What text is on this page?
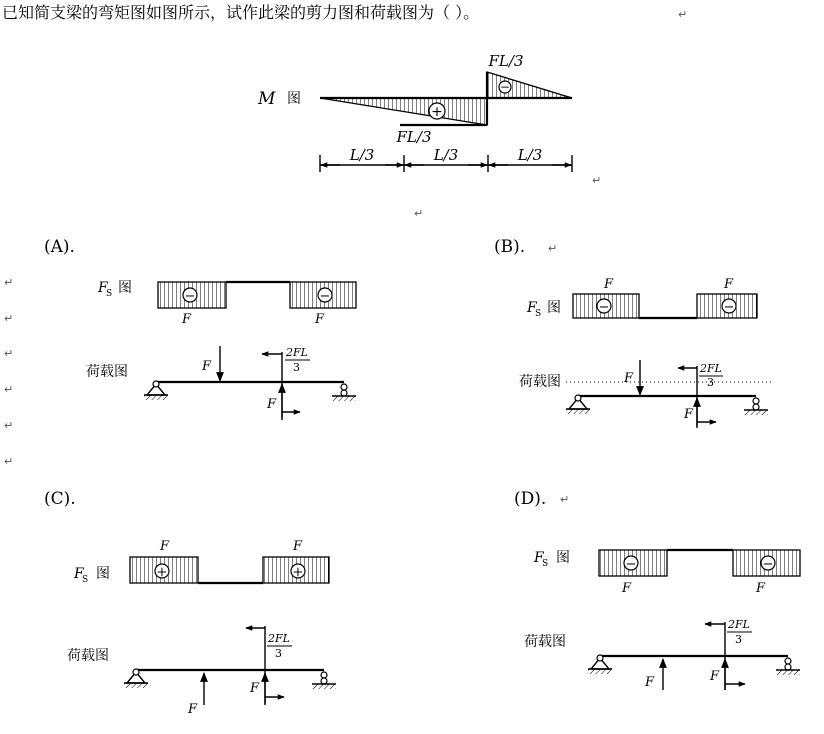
已知简支梁的弯矩图如图所示，试作此梁的剪力图和荷载图为（ ）。	↵
M 图
+
−
FL/3
FL/3
L/3	L/3	L/3
↵
↵
(A).
F
S 图
−	−
F	F
荷载图	F
2FL
3
F
↵
↵
↵
↵
↵
↵
(B). ↵
F
S 图	−	−
F	F
荷载图	F
2FL
3
F
(C).
F
S 图	+	+
F	F
荷载图
F
2FL
3
F
(D). ↵
F
S 图	−	−
F	F
荷载图
F
2FL
3
F
